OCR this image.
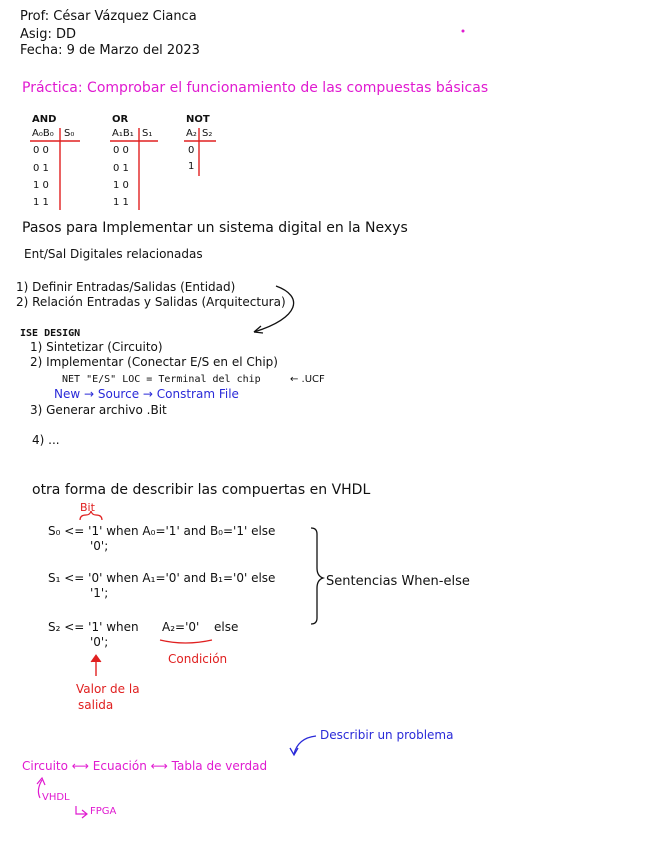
Prof: César Vázquez Cianca
Asig: DD
Fecha: 9 de Marzo del 2023
Práctica: Comprobar el funcionamiento de las compuestas básicas
AND
A₀B₀ S₀
0 0
0 1
1 0
1 1
OR
A₁B₁ S₁
0 0
0 1
1 0
1 1
NOT
A₂ S₂
0
1
Pasos para Implementar un sistema digital en la Nexys
Ent/Sal Digitales relacionadas
1) Definir Entradas/Salidas (Entidad)
2) Relación Entradas y Salidas (Arquitectura)
ISE DESIGN
1) Sintetizar (Circuito)
2) Implementar (Conectar E/S en el Chip)
NET "E/S" LOC = Terminal del chip	← .UCF
New → Source → Constram File
3) Generar archivo .Bit
4) ...
otra forma de describir las compuertas en VHDL
Bit
S₀ <= '1' when A₀='1' and B₀='1' else
'0';
S₁ <= '0' when A₁='0' and B₁='0' else
'1';
S₂ <= '1' when A₂='0' else
'0';
Sentencias When-else
Condición
Valor de la
salida
Describir un problema
Circuito ⟷ Ecuación ⟷ Tabla de verdad
VHDL
FPGA
